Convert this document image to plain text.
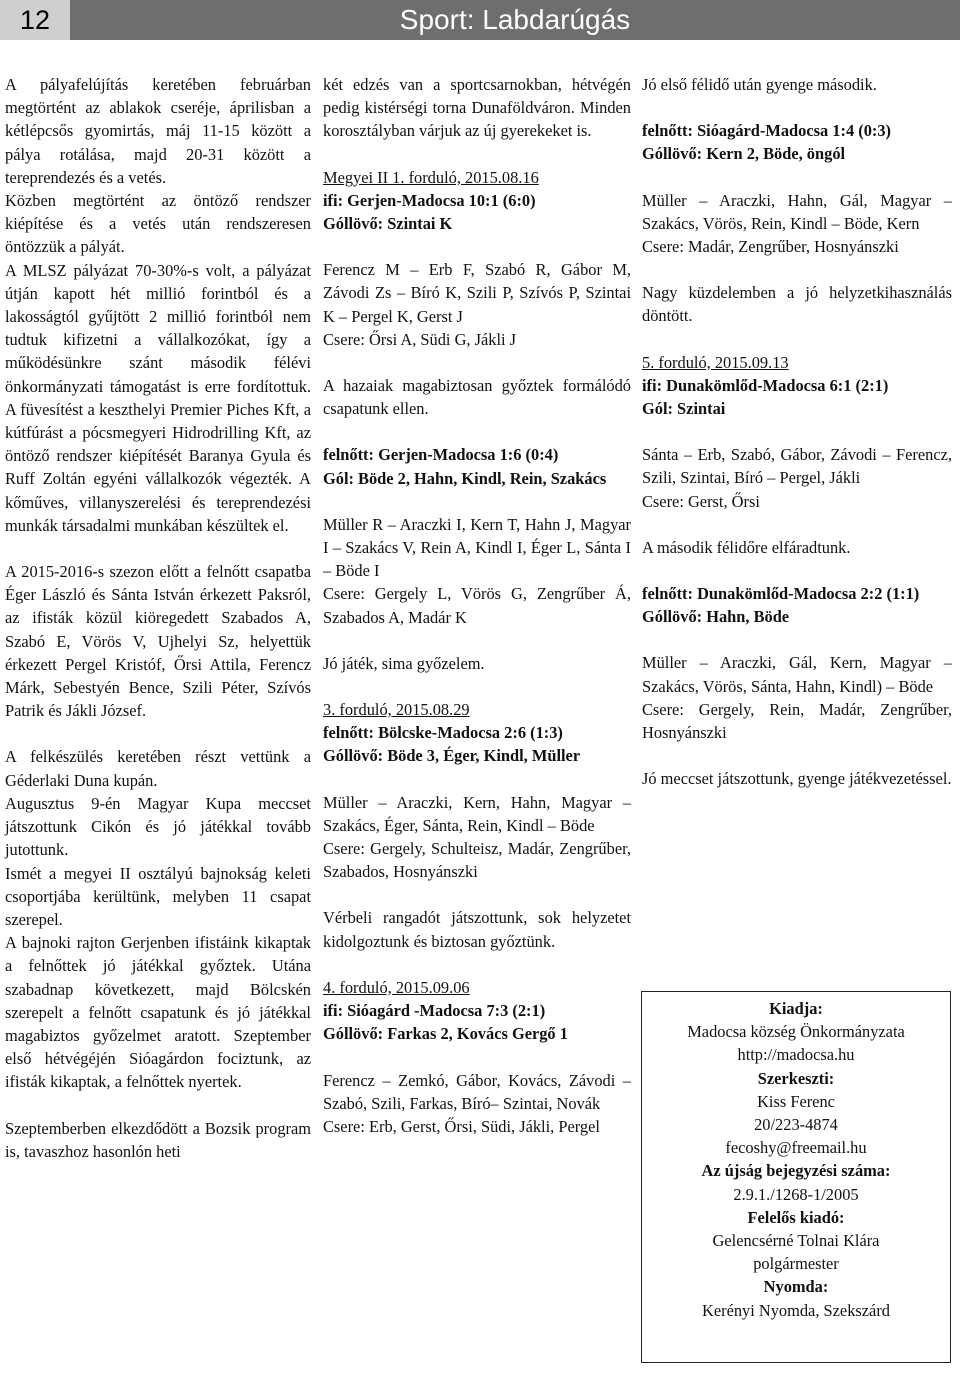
12	Sport: Labdarúgás

A pályafelújítás keretében februárban megtörtént az ablakok cseréje, áprilisban a kétlépcsős gyomirtás, máj 11-15 között a pálya rotálása, majd 20-31 között a tereprendezés és a vetés.

Közben megtörtént az öntöző rendszer kiépítése és a vetés után rendszeresen öntözzük a pályát.

A MLSZ pályázat 70-30%-s volt, a pályázat útján kapott hét millió forintból és a lakosságtól gyűjtött 2 millió forintból nem tudtuk kifizetni a vállalkozókat, így a működésünkre szánt második félévi önkormányzati támogatást is erre fordítottuk. A füvesítést a keszthelyi Premier Piches Kft, a kútfúrást a pócsmegyeri Hidrodrilling Kft, az öntöző rendszer kiépítését Baranya Gyula és Ruff Zoltán egyéni vállalkozók végezték. A kőműves, villanyszerelési és tereprendezési munkák társadalmi munkában készültek el.

A 2015-2016-s szezon előtt a felnőtt csapatba Éger László és Sánta István érkezett Paksról, az ifisták közül kiöregedett Szabados A, Szabó E, Vörös V, Ujhelyi Sz, helyettük érkezett Pergel Kristóf, Őrsi Attila, Ferencz Márk, Sebestyén Bence, Szili Péter, Szívós Patrik és Jákli József.

A felkészülés keretében részt vettünk a Géderlaki Duna kupán.

Augusztus 9-én Magyar Kupa meccset játszottunk Cikón és jó játékkal tovább jutottunk.

Ismét a megyei II osztályú bajnokság keleti csoportjába kerültünk, melyben 11 csapat szerepel.

A bajnoki rajton Gerjenben ifistáink kikaptak a felnőttek jó játékkal győztek. Utána szabadnap következett, majd Bölcskén szerepelt a felnőtt csapatunk és jó játékkal magabiztos győzelmet aratott. Szeptember első hétvégéjén Sióagárdon fociztunk, az ifisták kikaptak, a felnőttek nyertek.

Szeptemberben elkezdődött a Bozsik program is, tavaszhoz hasonlón heti

két edzés van a sportcsarnokban, hétvégén pedig kistérségi torna Dunaföldváron. Minden korosztályban várjuk az új gyerekeket is.

Megyei II 1. forduló, 2015.08.16

ifi: Gerjen-Madocsa 10:1 (6:0)

Góllövő: Szintai K

Ferencz M – Erb F, Szabó R, Gábor M, Závodi Zs – Bíró K, Szili P, Szívós P, Szintai K – Pergel K, Gerst J

Csere: Őrsi A, Südi G, Jákli J

A hazaiak magabiztosan győztek formálódó csapatunk ellen.

felnőtt: Gerjen-Madocsa 1:6 (0:4)

Gól: Böde 2, Hahn, Kindl, Rein, Szakács

Müller R – Araczki I, Kern T, Hahn J, Magyar I – Szakács V, Rein A, Kindl I, Éger L, Sánta I – Böde I

Csere: Gergely L, Vörös G, Zengrűber Á, Szabados A, Madár K

Jó játék, sima győzelem.

3. forduló, 2015.08.29

felnőtt: Bölcske-Madocsa 2:6 (1:3)

Góllövő: Böde 3, Éger, Kindl, Müller

Müller – Araczki, Kern, Hahn, Magyar – Szakács, Éger, Sánta, Rein, Kindl – Böde

Csere: Gergely, Schulteisz, Madár, Zengrűber, Szabados, Hosnyánszki

Vérbeli rangadót játszottunk, sok helyzetet kidolgoztunk és biztosan győztünk.

4. forduló, 2015.09.06

ifi: Sióagárd -Madocsa 7:3 (2:1)

Góllövő: Farkas 2, Kovács Gergő 1

Ferencz – Zemkó, Gábor, Kovács, Závodi – Szabó, Szili, Farkas, Bíró– Szintai, Novák

Csere: Erb, Gerst, Őrsi, Südi, Jákli, Pergel

Jó első félidő után gyenge második.

felnőtt: Sióagárd-Madocsa 1:4 (0:3)

Góllövő: Kern 2, Böde, öngól

Müller – Araczki, Hahn, Gál, Magyar – Szakács, Vörös, Rein, Kindl – Böde, Kern

Csere: Madár, Zengrűber, Hosnyánszki

Nagy küzdelemben a jó helyzetkihasználás döntött.

5. forduló, 2015.09.13

ifi: Dunakömlőd-Madocsa 6:1 (2:1)

Gól: Szintai

Sánta – Erb, Szabó, Gábor, Závodi – Ferencz, Szili, Szintai, Bíró – Pergel, Jákli

Csere: Gerst, Őrsi

A második félidőre elfáradtunk.

felnőtt: Dunakömlőd-Madocsa 2:2 (1:1)

Góllövő: Hahn, Böde

Müller – Araczki, Gál, Kern, Magyar – Szakács, Vörös, Sánta, Hahn, Kindl) – Böde

Csere: Gergely, Rein, Madár, Zengrűber, Hosnyánszki

Jó meccset játszottunk, gyenge játékvezetéssel.

Kiadja:
Madocsa község Önkormányzata
http://madocsa.hu
Szerkeszti:
Kiss Ferenc
20/223-4874
fecoshy@freemail.hu
Az újság bejegyzési száma:
2.9.1./1268-1/2005
Felelős kiadó:
Gelencsérné Tolnai Klára
polgármester
Nyomda:
Kerényi Nyomda, Szekszárd
